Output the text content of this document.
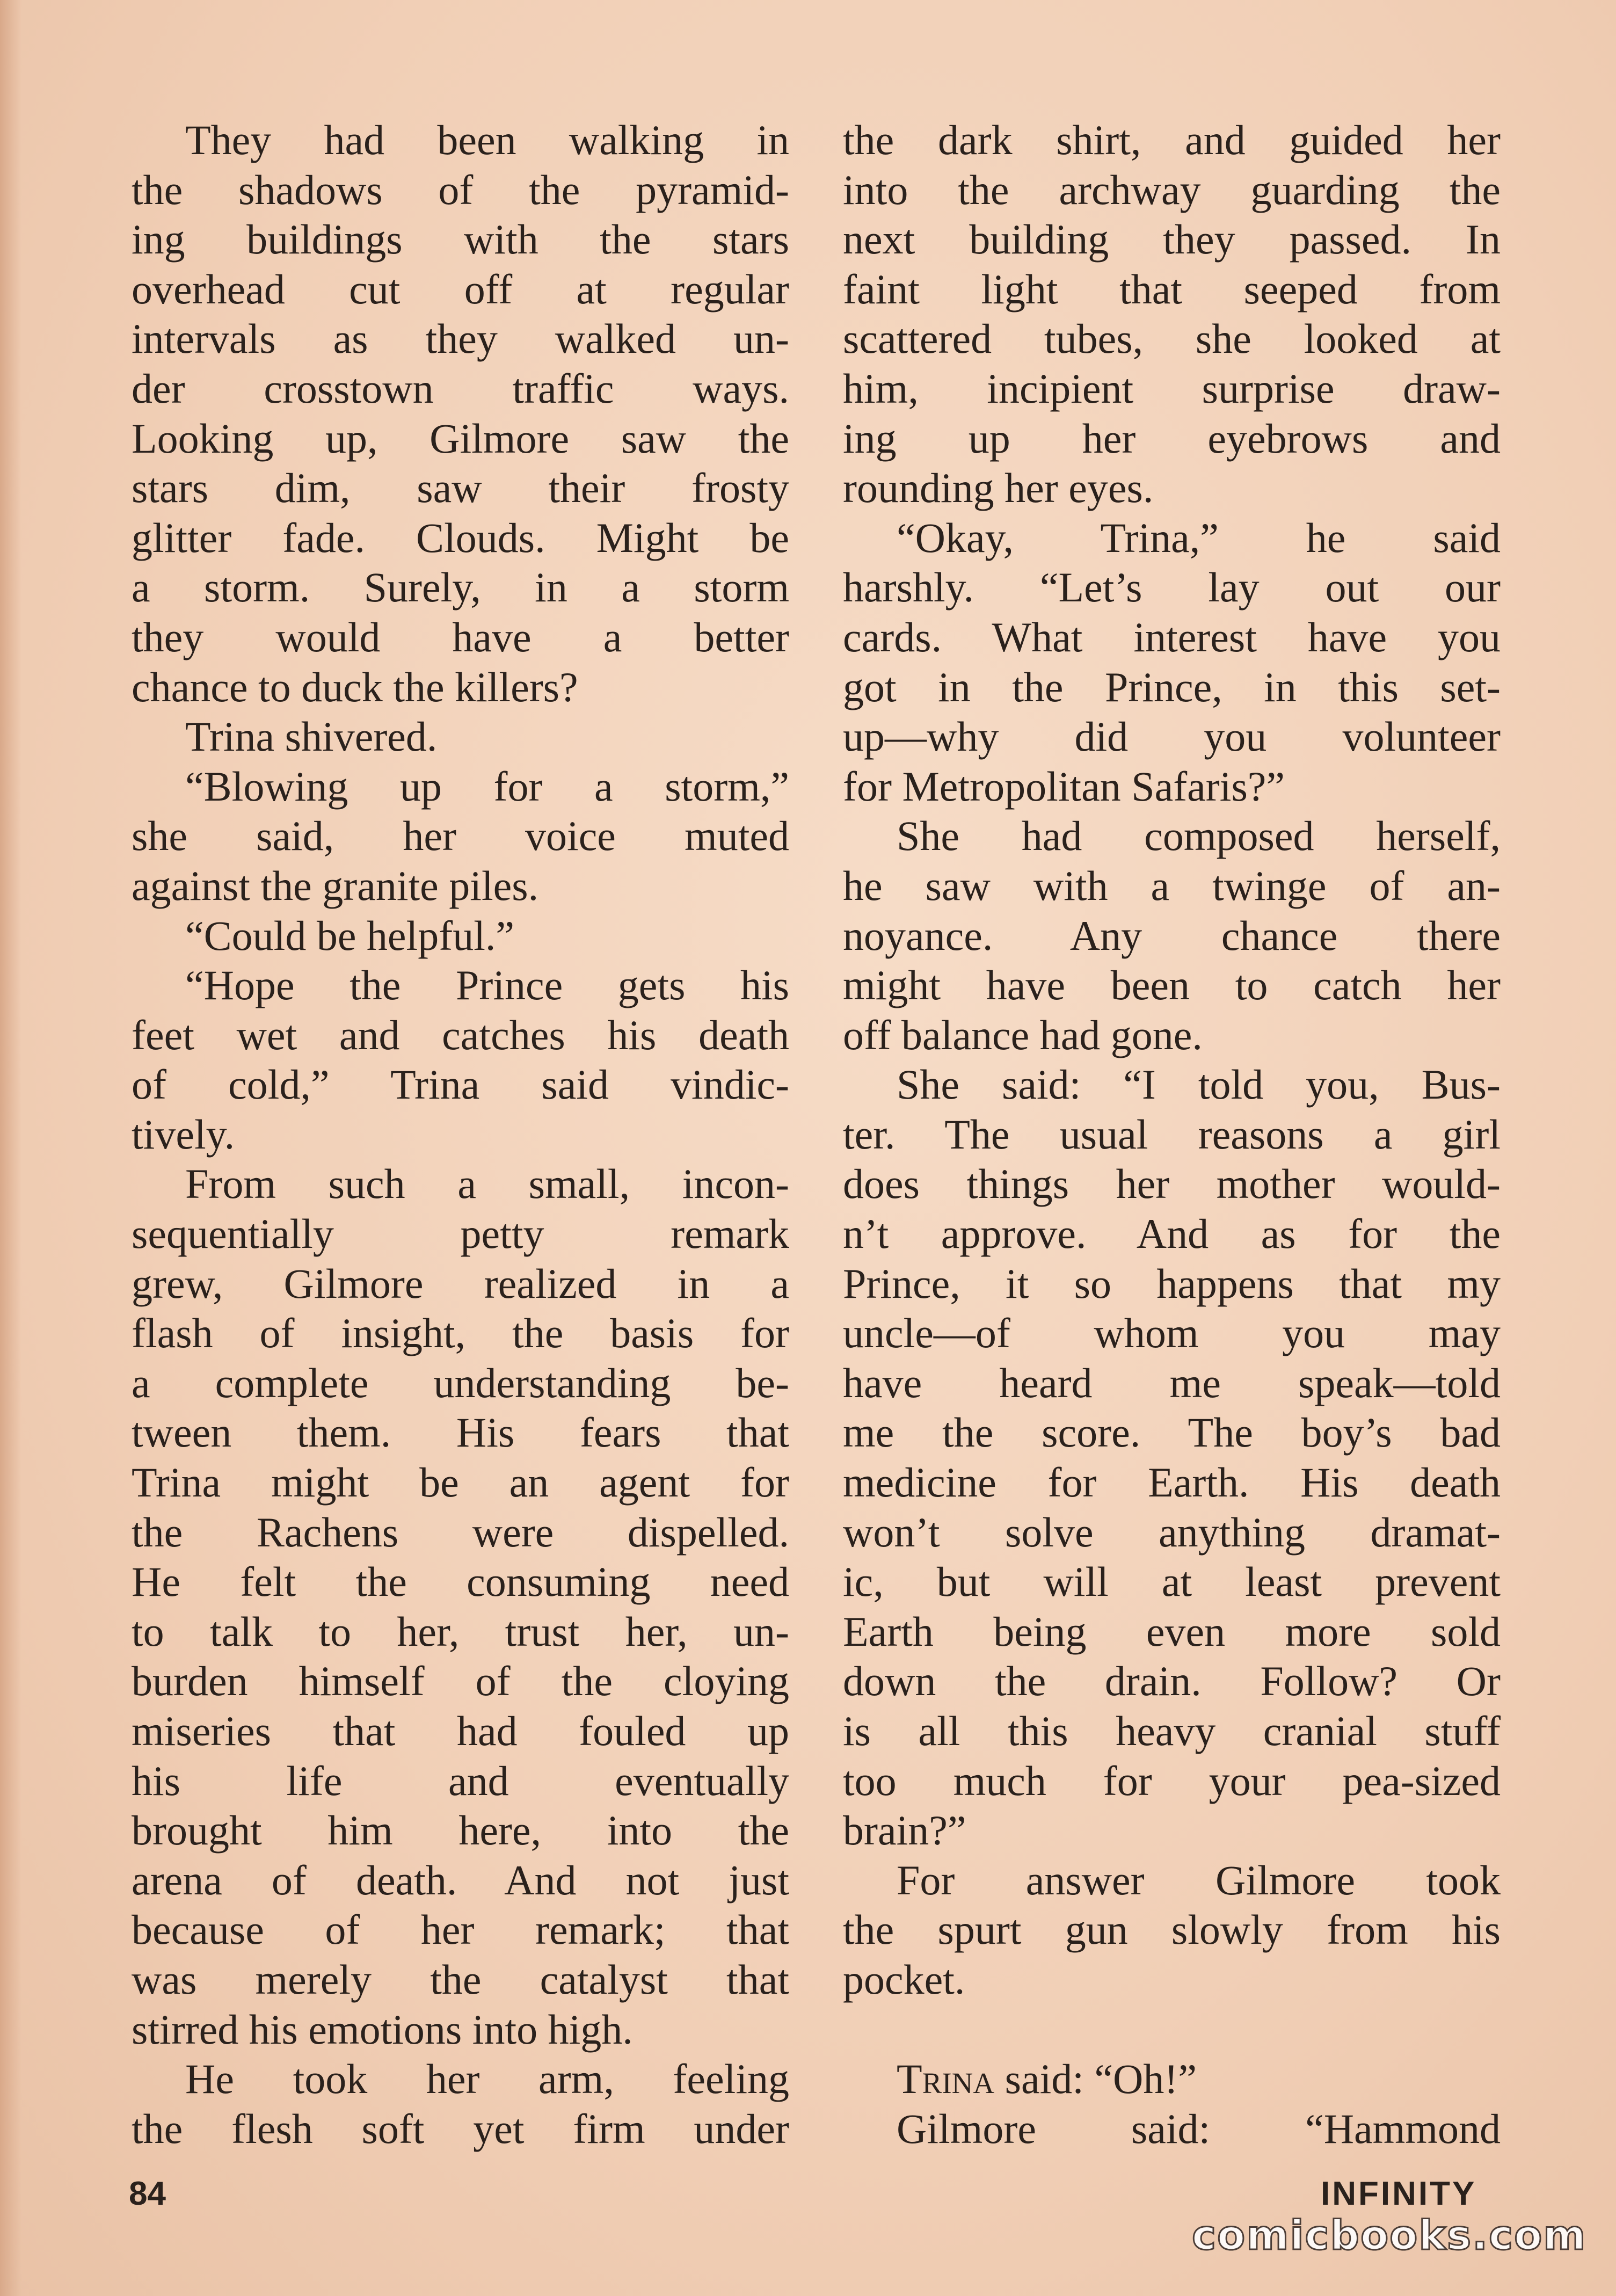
They had been walking in
the shadows of the pyramid-
ing buildings with the stars
overhead cut off at regular
intervals as they walked un-
der crosstown traffic ways.
Looking up, Gilmore saw the
stars dim, saw their frosty
glitter fade. Clouds. Might be
a storm. Surely, in a storm
they would have a better
chance to duck the killers?
Trina shivered.
“Blowing up for a storm,”
she said, her voice muted
against the granite piles.
“Could be helpful.”
“Hope the Prince gets his
feet wet and catches his death
of cold,” Trina said vindic-
tively.
From such a small, incon-
sequentially petty remark
grew, Gilmore realized in a
flash of insight, the basis for
a complete understanding be-
tween them. His fears that
Trina might be an agent for
the Rachens were dispelled.
He felt the consuming need
to talk to her, trust her, un-
burden himself of the cloying
miseries that had fouled up
his life and eventually
brought him here, into the
arena of death. And not just
because of her remark; that
was merely the catalyst that
stirred his emotions into high.
He took her arm, feeling
the flesh soft yet firm under
the dark shirt, and guided her
into the archway guarding the
next building they passed. In
faint light that seeped from
scattered tubes, she looked at
him, incipient surprise draw-
ing up her eyebrows and
rounding her eyes.
“Okay, Trina,” he said
harshly. “Let’s lay out our
cards. What interest have you
got in the Prince, in this set-
up—why did you volunteer
for Metropolitan Safaris?”
She had composed herself,
he saw with a twinge of an-
noyance. Any chance there
might have been to catch her
off balance had gone.
She said: “I told you, Bus-
ter. The usual reasons a girl
does things her mother would-
n’t approve. And as for the
Prince, it so happens that my
uncle—of whom you may
have heard me speak—told
me the score. The boy’s bad
medicine for Earth. His death
won’t solve anything dramat-
ic, but will at least prevent
Earth being even more sold
down the drain. Follow? Or
is all this heavy cranial stuff
too much for your pea-sized
brain?”
For answer Gilmore took
the spurt gun slowly from his
pocket.
Trina said: “Oh!”
Gilmore said: “Hammond
84	INFINITY
comicbooks.com
